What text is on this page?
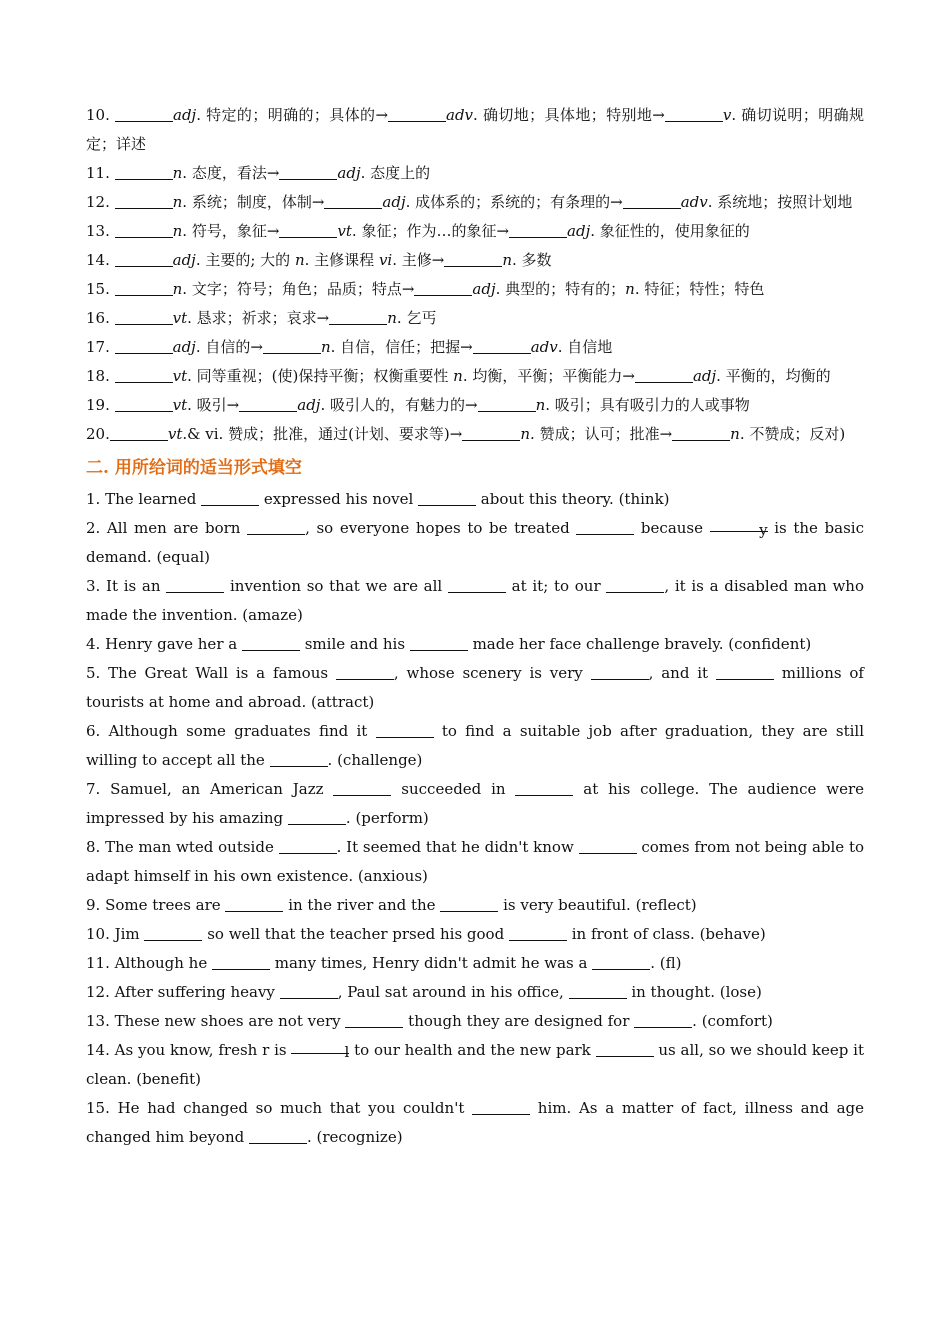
10.	adj. 特定的；明确的；具体的→	adv. 确切地；具体地；特别地→	v. 确切说明；明确规定；详述

11.	n. 态度，看法→	adj. 态度上的

12.	n. 系统；制度，体制→	adj. 成体系的；系统的；有条理的→	adv. 系统地；按照计划地

13.	n. 符号，象征→	vt. 象征；作为…的象征→	adj. 象征性的，使用象征的

14.	adj. 主要的; 大的 n. 主修课程 vi. 主修→	n. 多数

15.	n. 文字；符号；角色；品质；特点→	adj. 典型的；特有的；n. 特征；特性；特色

16.	vt. 恳求；祈求；哀求→	n. 乞丐

17.	adj. 自信的→	n. 自信，信任；把握→	adv. 自信地

18.	vt. 同等重视；(使)保持平衡；权衡重要性 n. 均衡，平衡；平衡能力→	adj. 平衡的，均衡的

19.	vt. 吸引→	adj. 吸引人的，有魅力的→	n. 吸引；具有吸引力的人或事物

20.	vt.& vi. 赞成；批准，通过(计划、要求等)→	n. 赞成；认可；批准→	n. 不赞成；反对)

二. 用所给词的适当形式填空

1. The learned	expressed his novel	about this theory. (think)

2. All men are born	, so everyone hopes to be treated	because	y is the basic demand. (equal)

3. It is an	invention so that we are all	at it; to our	, it is a disabled man who made the invention. (amaze)

4. Henry gave her a	smile and his	made her face challenge bravely. (confident)

5. The Great Wall is a famous	, whose scenery is very	, and it	millions of tourists at home and abroad. (attract)

6. Although some graduates find it	to find a suitable job after graduation, they are still willing to accept all the	. (challenge)

7. Samuel, an American Jazz	succeeded in	at his college. The audience were impressed by his amazing	. (perform)

8. The man wted outside	. It seemed that he didn't know	comes from not being able to adapt himself in his own existence. (anxious)

9. Some trees are	in the river and the	is very beautiful. (reflect)

10. Jim	so well that the teacher prsed his good	in front of class. (behave)

11. Although he	many times, Henry didn't admit he was a	. (fl)

12. After suffering heavy	, Paul sat around in his office,	in thought. (lose)

13. These new shoes are not very	though they are designed for	. (comfort)

14. As you know, fresh r is	l to our health and the new park	us all, so we should keep it clean. (benefit)

15. He had changed so much that you couldn't	him. As a matter of fact, illness and age changed him beyond	. (recognize)
